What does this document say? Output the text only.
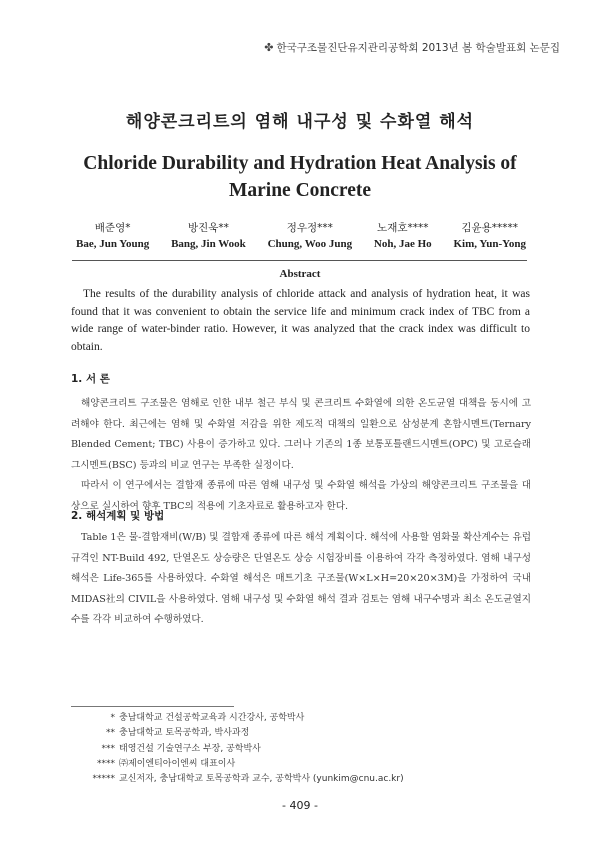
✤ 한국구조물진단유지관리공학회 2013년 봄 학술발표회 논문집
해양콘크리트의 염해 내구성 및 수화열 해석
Chloride Durability and Hydration Heat Analysis of
Marine Concrete
배준영*
Bae, Jun Young
방진욱**
Bang, Jin Wook
정우정***
Chung, Woo Jung
노재호****
Noh, Jae Ho
김윤용*****
Kim, Yun-Yong
Abstract
The results of the durability analysis of chloride attack and analysis of hydration heat, it was found that it was convenient to obtain the service life and minimum crack index of TBC from a wide range of water-binder ratio. However, it was analyzed that the crack index was difficult to obtain.
1. 서 론

해양콘크리트 구조물은 염해로 인한 내부 철근 부식 및 콘크리트 수화열에 의한 온도균열 대책을 동시에 고려해야 한다. 최근에는 염해 및 수화열 저감을 위한 제도적 대책의 일환으로 삼성분계 혼합시멘트(Ternary Blended Cement; TBC) 사용이 증가하고 있다. 그러나 기존의 1종 보통포틀랜드시멘트(OPC) 및 고로슬래그시멘트(BSC) 등과의 비교 연구는 부족한 실정이다.

따라서 이 연구에서는 결합재 종류에 따른 염해 내구성 및 수화열 해석을 가상의 해양콘크리트 구조물을 대상으로 실시하여 향후 TBC의 적용에 기초자료로 활용하고자 한다.

2. 해석계획 및 방법

Table 1은 물-결합재비(W/B) 및 결합재 종류에 따른 해석 계획이다. 해석에 사용할 염화물 확산계수는 유럽 규격인 NT-Build 492, 단열온도 상승량은 단열온도 상승 시험장비를 이용하여 각각 측정하였다. 염해 내구성 해석은 Life-365를 사용하였다. 수화열 해석은 매트기초 구조물(W×L×H=20×20×3M)을 가정하여 국내 MIDAS社의 CIVIL을 사용하였다. 염해 내구성 및 수화열 해석 결과 검토는 염해 내구수명과 최소 온도균열지수를 각각 비교하여 수행하였다.

* 충남대학교 건설공학교육과 시간강사, 공학박사
** 충남대학교 토목공학과, 박사과정
*** 태영건설 기술연구소 부장, 공학박사
**** ㈜제이엔티아이엔씨 대표이사
***** 교신저자, 충남대학교 토목공학과 교수, 공학박사 (yunkim@cnu.ac.kr)
- 409 -
